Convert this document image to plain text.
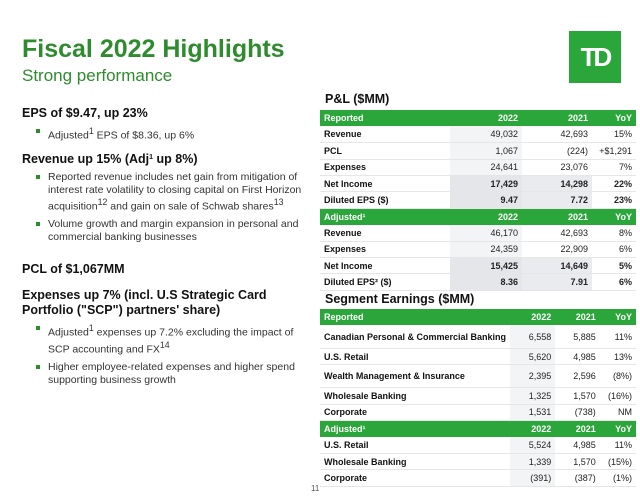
Fiscal 2022 Highlights
Strong performance
TD
EPS of $9.47, up 23%
Adjusted$^1$ EPS of $8.36, up 6%
Revenue up 15% (Adj$^1$ up 8%)
Reported revenue includes net gain from mitigation of interest rate volatility to closing capital on First Horizon acquisition$^{12}$ and gain on sale of Schwab shares$^{13}$
Volume growth and margin expansion in personal and commercial banking businesses
PCL of $1,067MM
Expenses up 7% (incl. U.S Strategic Card Portfolio ("SCP") partners' share)
Adjusted$^1$ expenses up 7.2% excluding the impact of SCP accounting and FX$^{14}$
Higher employee-related expenses and higher spend supporting business growth
P&L ($MM)
Reported	2022	2021	YoY
Revenue	49,032	42,693	15%
PCL	1,067	(224)	+$1,291
Expenses	24,641	23,076	7%
Net Income	17,429	14,298	22%
Diluted EPS ($)	9.47	7.72	23%
Adjusted¹	2022	2021	YoY
Revenue	46,170	42,693	8%
Expenses	24,359	22,909	6%
Net Income	15,425	14,649	5%
Diluted EPS² ($)	8.36	7.91	6%
Segment Earnings ($MM)
Reported	2022	2021	YoY
Canadian Personal & Commercial Banking	6,558	5,885	11%
U.S. Retail	5,620	4,985	13%
Wealth Management & Insurance	2,395	2,596	(8%)
Wholesale Banking	1,325	1,570	(16%)
Corporate	1,531	(738)	NM
Adjusted¹	2022	2021	YoY
U.S. Retail	5,524	4,985	11%
Wholesale Banking	1,339	1,570	(15%)
Corporate	(391)	(387)	(1%)
11
